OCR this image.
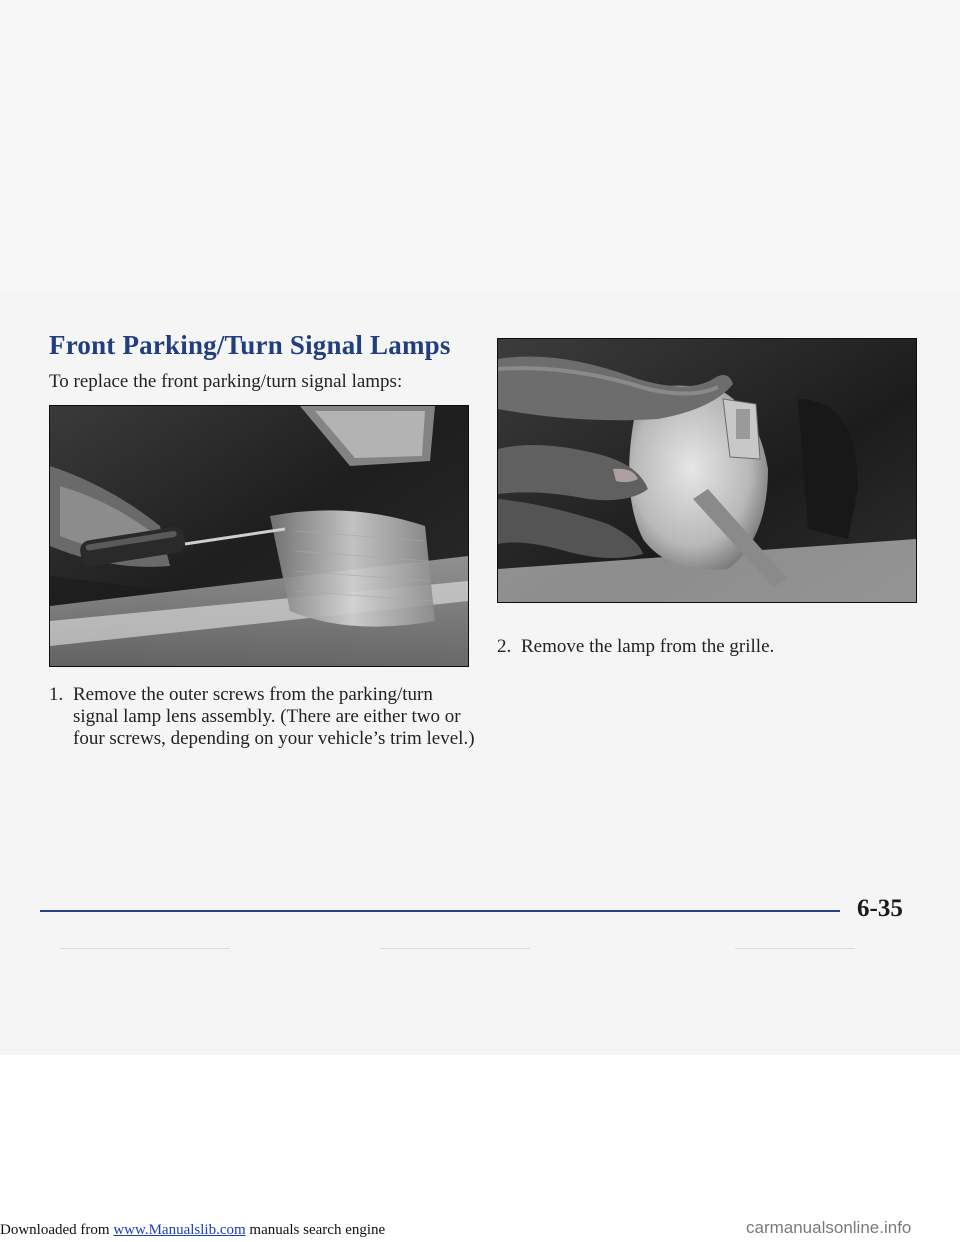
Front Parking/Turn Signal Lamps

To replace the front parking/turn signal lamps:

1. Remove the outer screws from the parking/turn signal lamp lens assembly. (There are either two or four screws, depending on your vehicle’s trim level.)

2. Remove the lamp from the grille.

6-35

Downloaded from www.Manualslib.com manuals search engine	carmanualsonline.info
